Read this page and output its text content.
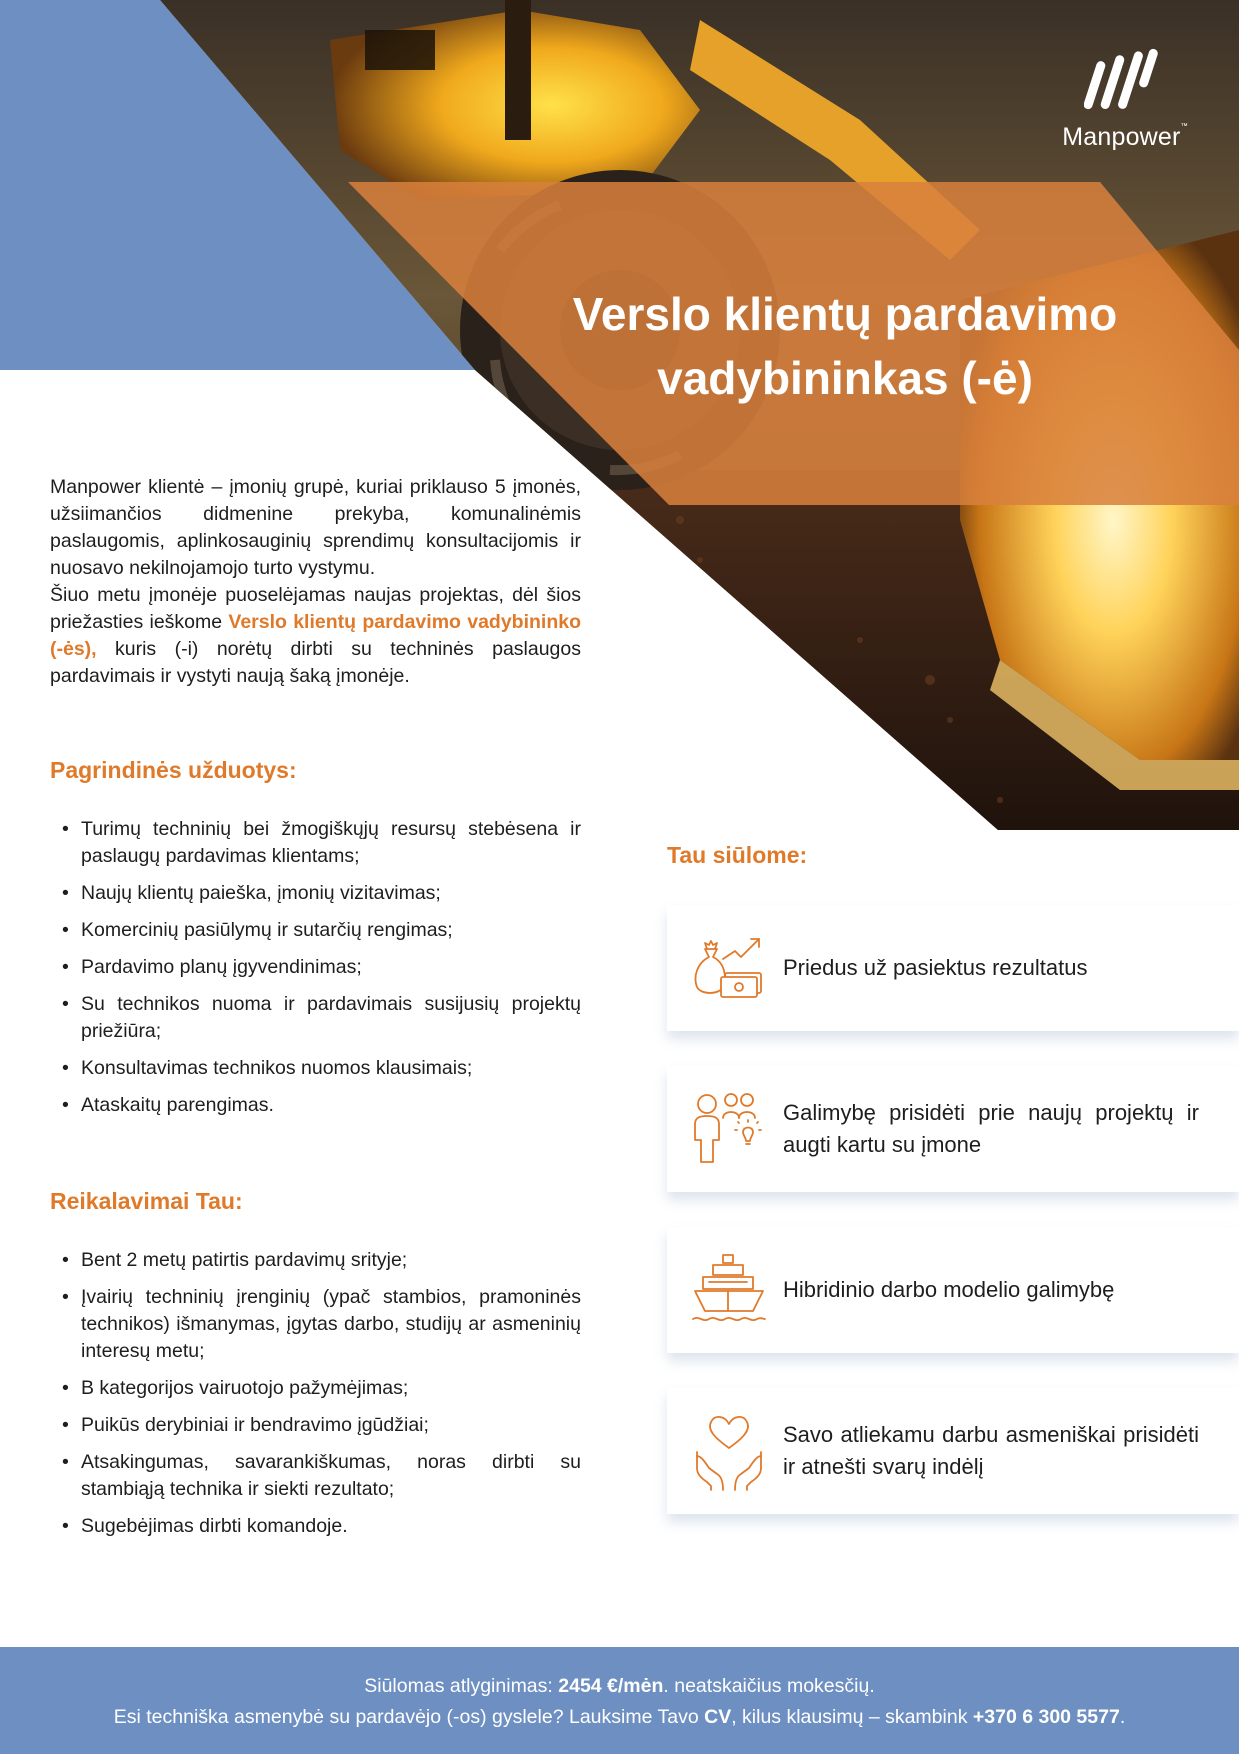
Manpower™
Verslo klientų pardavimo
vadybininkas (-ė)

Manpower klientė – įmonių grupė, kuriai priklauso 5 įmonės, užsiimančios didmenine prekyba, komunalinėmis paslaugomis, aplinkosauginių sprendimų konsultacijomis ir nuosavo nekilnojamojo turto vystymu.
Šiuo metu įmonėje puoselėjamas naujas projektas, dėl šios priežasties ieškome Verslo klientų pardavimo vadybininko (-ės), kuris (-i) norėtų dirbti su techninės paslaugos pardavimais ir vystyti naują šaką įmonėje.

Pagrindinės užduotys:
• Turimų techninių bei žmogiškųjų resursų stebėsena ir paslaugų pardavimas klientams;
• Naujų klientų paieška, įmonių vizitavimas;
• Komercinių pasiūlymų ir sutarčių rengimas;
• Pardavimo planų įgyvendinimas;
• Su technikos nuoma ir pardavimais susijusių projektų priežiūra;
• Konsultavimas technikos nuomos klausimais;
• Ataskaitų parengimas.
Reikalavimai Tau:
• Bent 2 metų patirtis pardavimų srityje;
• Įvairių techninių įrenginių (ypač stambios, pramoninės technikos) išmanymas, įgytas darbo, studijų ar asmeninių interesų metu;
• B kategorijos vairuotojo pažymėjimas;
• Puikūs derybiniai ir bendravimo įgūdžiai;
• Atsakingumas, savarankiškumas, noras dirbti su stambiąją technika ir siekti rezultato;
• Sugebėjimas dirbti komandoje.
Tau siūlome:
Priedus už pasiektus rezultatus
Galimybę prisidėti prie naujų projektų ir augti kartu su įmone
Hibridinio darbo modelio galimybę
Savo atliekamu darbu asmeniškai prisidėti ir atnešti svarų indėlį

Siūlomas atlyginimas: 2454 €/mėn. neatskaičius mokesčių.

Esi techniška asmenybė su pardavėjo (-os) gyslele? Lauksime Tavo CV, kilus klausimų – skambink +370 6 300 5577.
